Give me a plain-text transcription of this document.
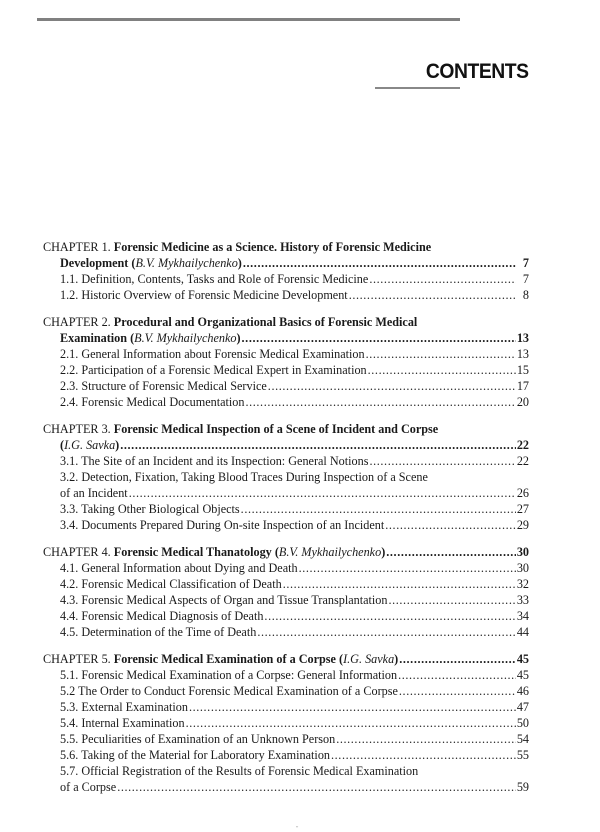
CONTENTS
CHAPTER 1.
Forensic Medicine as a Science. History of Forensic Medicine
Development ( B.V. Mykhailychenko ) .....	7
1.1. Definition, Contents, Tasks and Role of Forensic Medicine .....	7
1.2. Historic Overview of Forensic Medicine Development .....	8
CHAPTER 2.
Procedural and Organizational Basics of Forensic Medical
Examination ( B.V. Mykhailychenko ) .....	13
2.1. General Information about Forensic Medical Examination .....	13
2.2. Participation of a Forensic Medical Expert in Examination .....	15
2.3. Structure of Forensic Medical Service .....	17
2.4. Forensic Medical Documentation .....	20
CHAPTER 3.
Forensic Medical Inspection of a Scene of Incident and Corpse
( I.G. Savka ) .....	22
3.1. The Site of an Incident and its Inspection: General Notions .....	22
3.2. Detection, Fixation, Taking Blood Traces During Inspection of a Scene
of an Incident .....	26
3.3. Taking Other Biological Objects .....	27
3.4. Documents Prepared During On-site Inspection of an Incident .....	29
CHAPTER 4.
Forensic Medical Thanatology ( B.V. Mykhailychenko ) .....	30
4.1. General Information about Dying and Death .....	30
4.2. Forensic Medical Classification of Death .....	32
4.3. Forensic Medical Aspects of Organ and Tissue Transplantation .....	33
4.4. Forensic Medical Diagnosis of Death .....	34
4.5. Determination of the Time of Death .....	44
CHAPTER 5.
Forensic Medical Examination of a Corpse ( I.G. Savka ) .....	45
5.1. Forensic Medical Examination of a Corpse: General Information .....	45
5.2 The Order to Conduct Forensic Medical Examination of a Corpse .....	46
5.3. External Examination .....	47
5.4. Internal Examination .....	50
5.5. Peculiarities of Examination of an Unknown Person .....	54
5.6. Taking of the Material for Laboratory Examination .....	55
5.7. Official Registration of the Results of Forensic Medical Examination
of a Corpse .....	59
"
